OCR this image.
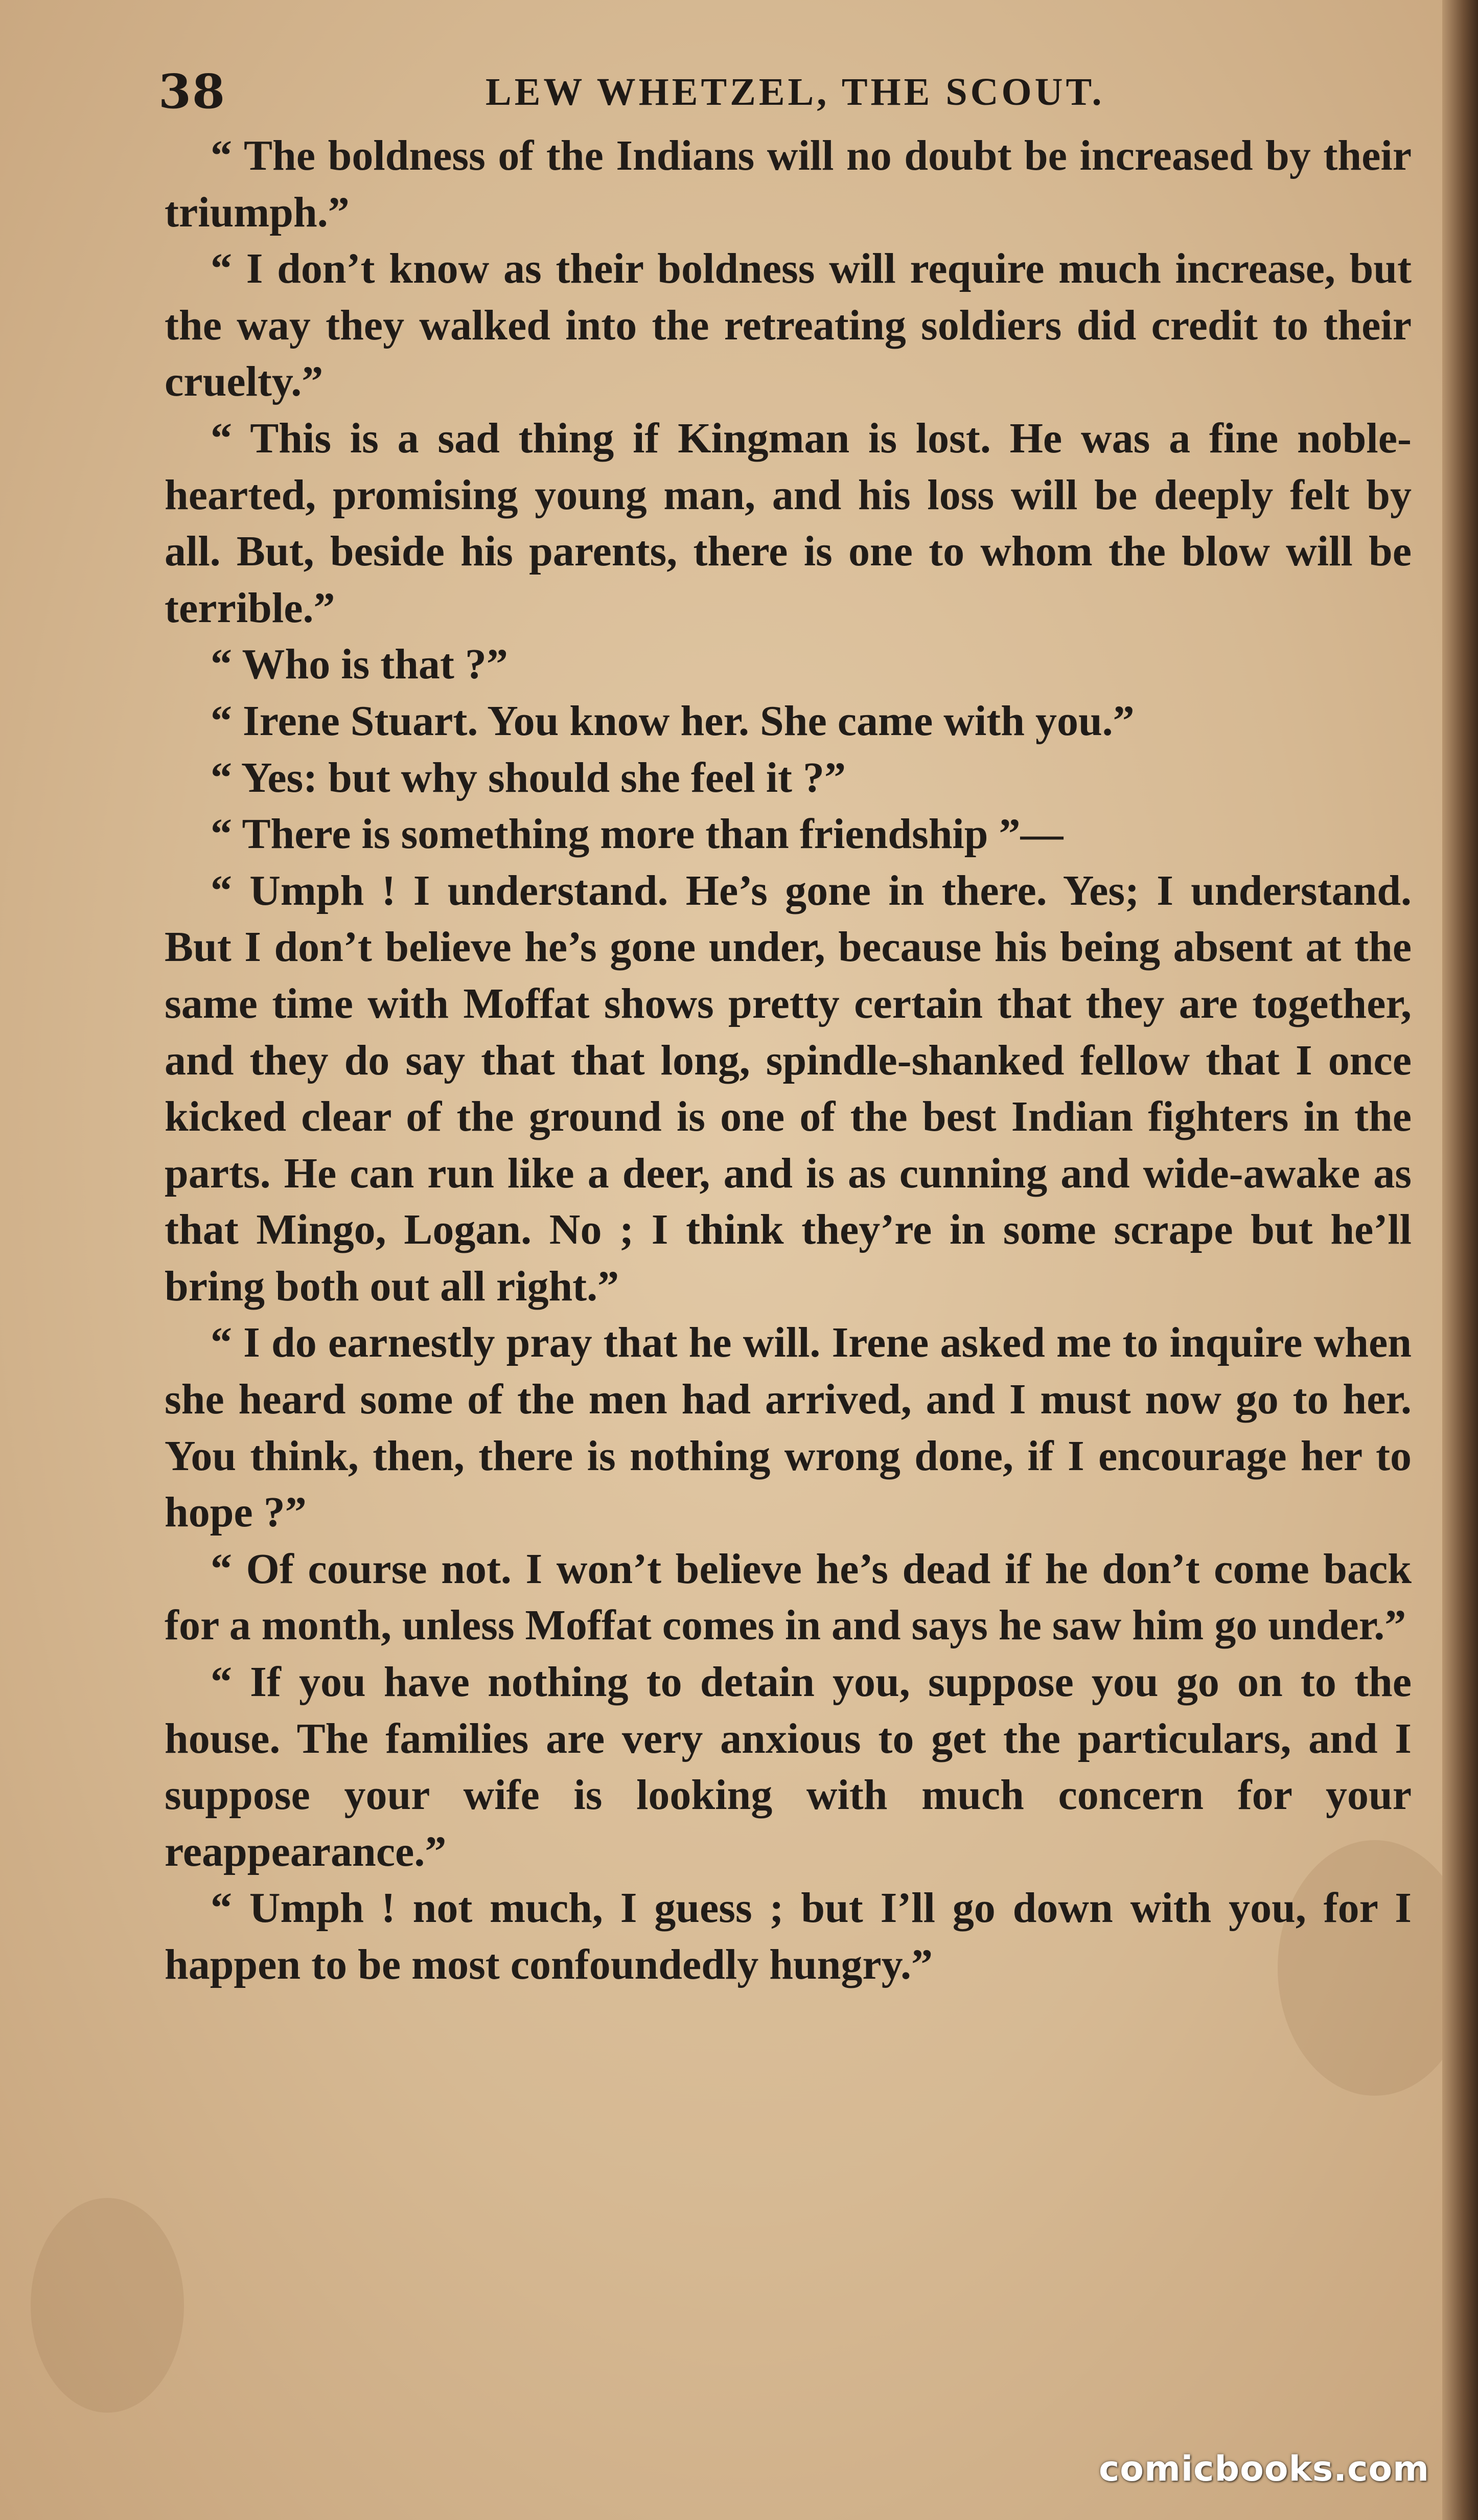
38	LEW WHETZEL, THE SCOUT.

“ The boldness of the Indians will no doubt be increased by their triumph.”

“ I don’t know as their boldness will require much increase, but the way they walked into the retreating soldiers did credit to their cruelty.”

“ This is a sad thing if Kingman is lost. He was a fine noble-hearted, promising young man, and his loss will be deeply felt by all. But, beside his parents, there is one to whom the blow will be terrible.”

“ Who is that ?”

“ Irene Stuart. You know her. She came with you.”

“ Yes: but why should she feel it ?”

“ There is something more than friendship ”—

“ Umph ! I understand. He’s gone in there. Yes; I understand. But I don’t believe he’s gone under, because his being absent at the same time with Moffat shows pretty certain that they are together, and they do say that that long, spindle-shanked fellow that I once kicked clear of the ground is one of the best Indian fighters in the parts. He can run like a deer, and is as cunning and wide-awake as that Mingo, Logan. No ; I think they’re in some scrape but he’ll bring both out all right.”

“ I do earnestly pray that he will. Irene asked me to inquire when she heard some of the men had arrived, and I must now go to her. You think, then, there is nothing wrong done, if I encourage her to hope ?”

“ Of course not. I won’t believe he’s dead if he don’t come back for a month, unless Moffat comes in and says he saw him go under.”

“ If you have nothing to detain you, suppose you go on to the house. The families are very anxious to get the particulars, and I suppose your wife is looking with much concern for your reappearance.”

“ Umph ! not much, I guess ; but I’ll go down with you, for I happen to be most confoundedly hungry.”

comicbooks.com
